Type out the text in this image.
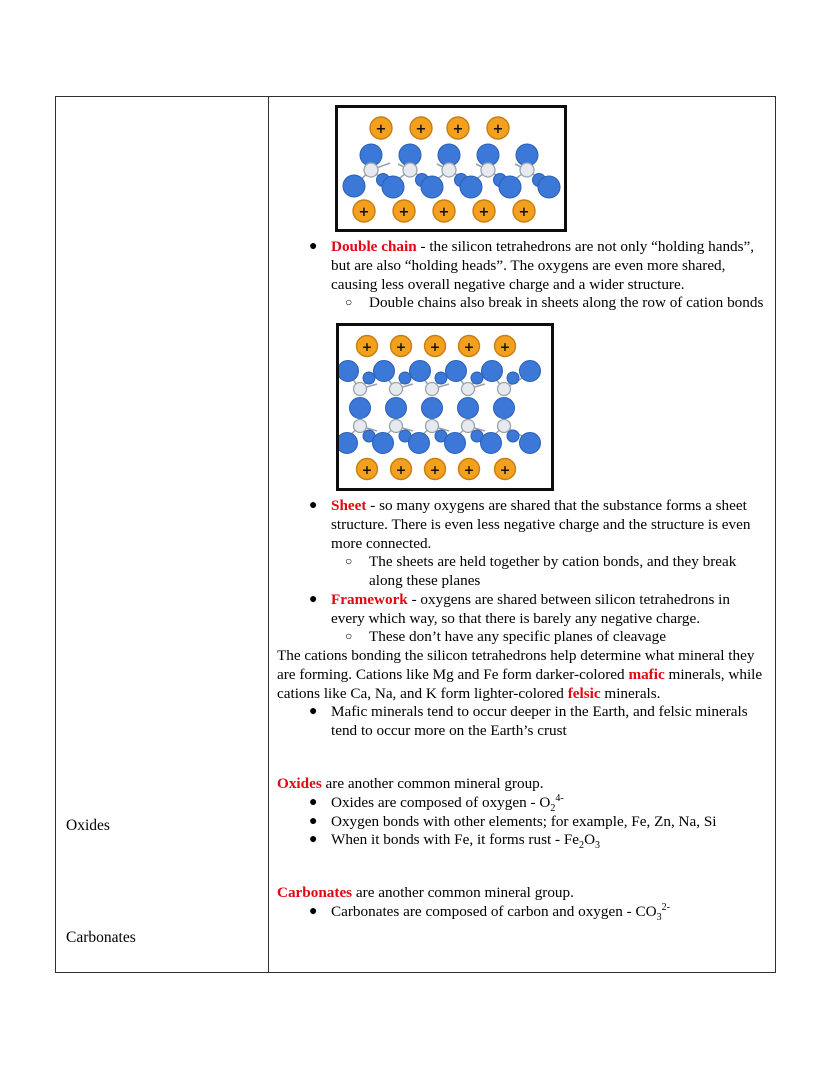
Oxides
Carbonates
+ + + +
+ + + + +
● Double chain - the silicon tetrahedrons are not only “holding hands”, but are also “holding heads”. The oxygens are even more shared, causing less overall negative charge and a wider structure.
○ Double chains also break in sheets along the row of cation bonds
+ + + + +
+ + + + +
● Sheet - so many oxygens are shared that the substance forms a sheet structure. There is even less negative charge and the structure is even more connected.
○ The sheets are held together by cation bonds, and they break along these planes
● Framework - oxygens are shared between silicon tetrahedrons in every which way, so that there is barely any negative charge.
○ These don’t have any specific planes of cleavage

The cations bonding the silicon tetrahedrons help determine what mineral they are forming. Cations like Mg and Fe form darker-colored mafic minerals, while cations like Ca, Na, and K form lighter-colored felsic minerals.

● Mafic minerals tend to occur deeper in the Earth, and felsic minerals tend to occur more on the Earth’s crust

Oxides are another common mineral group.

● Oxides are composed of oxygen - $O_2^{4-}$
● Oxygen bonds with other elements; for example, Fe, Zn, Na, Si
● When it bonds with Fe, it forms rust - $Fe_2O_3$

Carbonates are another common mineral group.

● Carbonates are composed of carbon and oxygen - $CO_3^{2-}$
